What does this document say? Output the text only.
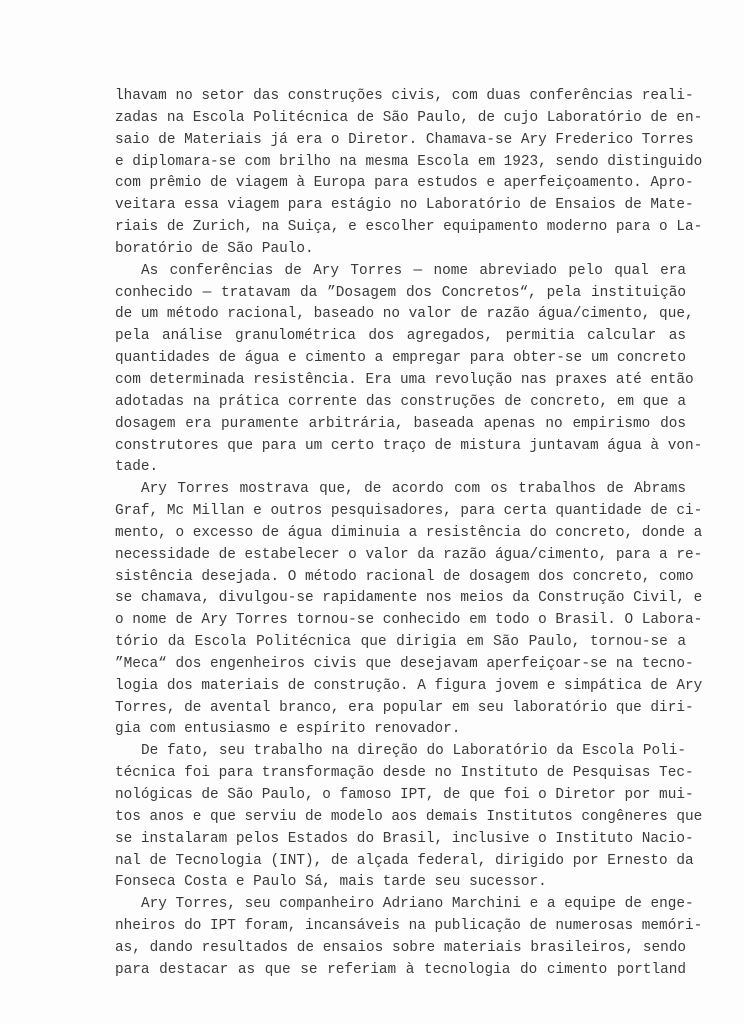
lhavam no setor das construções civis, com duas conferências reali-
zadas na Escola Politécnica de São Paulo, de cujo Laboratório de en-
saio de Materiais já era o Diretor. Chamava-se Ary Frederico Torres
e diplomara-se com brilho na mesma Escola em 1923, sendo distinguido
com prêmio de viagem à Europa para estudos e aperfeiçoamento. Apro-
veitara essa viagem para estágio no Laboratório de Ensaios de Mate-
riais de Zurich, na Suiça, e escolher equipamento moderno para o La-
boratório de São Paulo.
As conferências de Ary Torres — nome abreviado pelo qual era
conhecido — tratavam da ”Dosagem dos Concretos“, pela instituição
de um método racional, baseado no valor de razão água/cimento, que,
pela análise granulométrica dos agregados, permitia calcular as
quantidades de água e cimento a empregar para obter-se um concreto
com determinada resistência. Era uma revolução nas praxes até então
adotadas na prática corrente das construções de concreto, em que a
dosagem era puramente arbitrária, baseada apenas no empirismo dos
construtores que para um certo traço de mistura juntavam água à von-
tade.
Ary Torres mostrava que, de acordo com os trabalhos de Abrams
Graf, Mc Millan e outros pesquisadores, para certa quantidade de ci-
mento, o excesso de água diminuia a resistência do concreto, donde a
necessidade de estabelecer o valor da razão água/cimento, para a re-
sistência desejada. O método racional de dosagem dos concreto, como
se chamava, divulgou-se rapidamente nos meios da Construção Civil, e
o nome de Ary Torres tornou-se conhecido em todo o Brasil. O Labora-
tório da Escola Politécnica que dirigia em São Paulo, tornou-se a
”Meca“ dos engenheiros civis que desejavam aperfeiçoar-se na tecno-
logia dos materiais de construção. A figura jovem e simpática de Ary
Torres, de avental branco, era popular em seu laboratório que diri-
gia com entusiasmo e espírito renovador.
De fato, seu trabalho na direção do Laboratório da Escola Poli-
técnica foi para transformação desde no Instituto de Pesquisas Tec-
nológicas de São Paulo, o famoso IPT, de que foi o Diretor por mui-
tos anos e que serviu de modelo aos demais Institutos congêneres que
se instalaram pelos Estados do Brasil, inclusive o Instituto Nacio-
nal de Tecnologia (INT), de alçada federal, dirigido por Ernesto da
Fonseca Costa e Paulo Sá, mais tarde seu sucessor.
Ary Torres, seu companheiro Adriano Marchini e a equipe de enge-
nheiros do IPT foram, incansáveis na publicação de numerosas memóri-
as, dando resultados de ensaios sobre materiais brasileiros, sendo
para destacar as que se referiam à tecnologia do cimento portland
